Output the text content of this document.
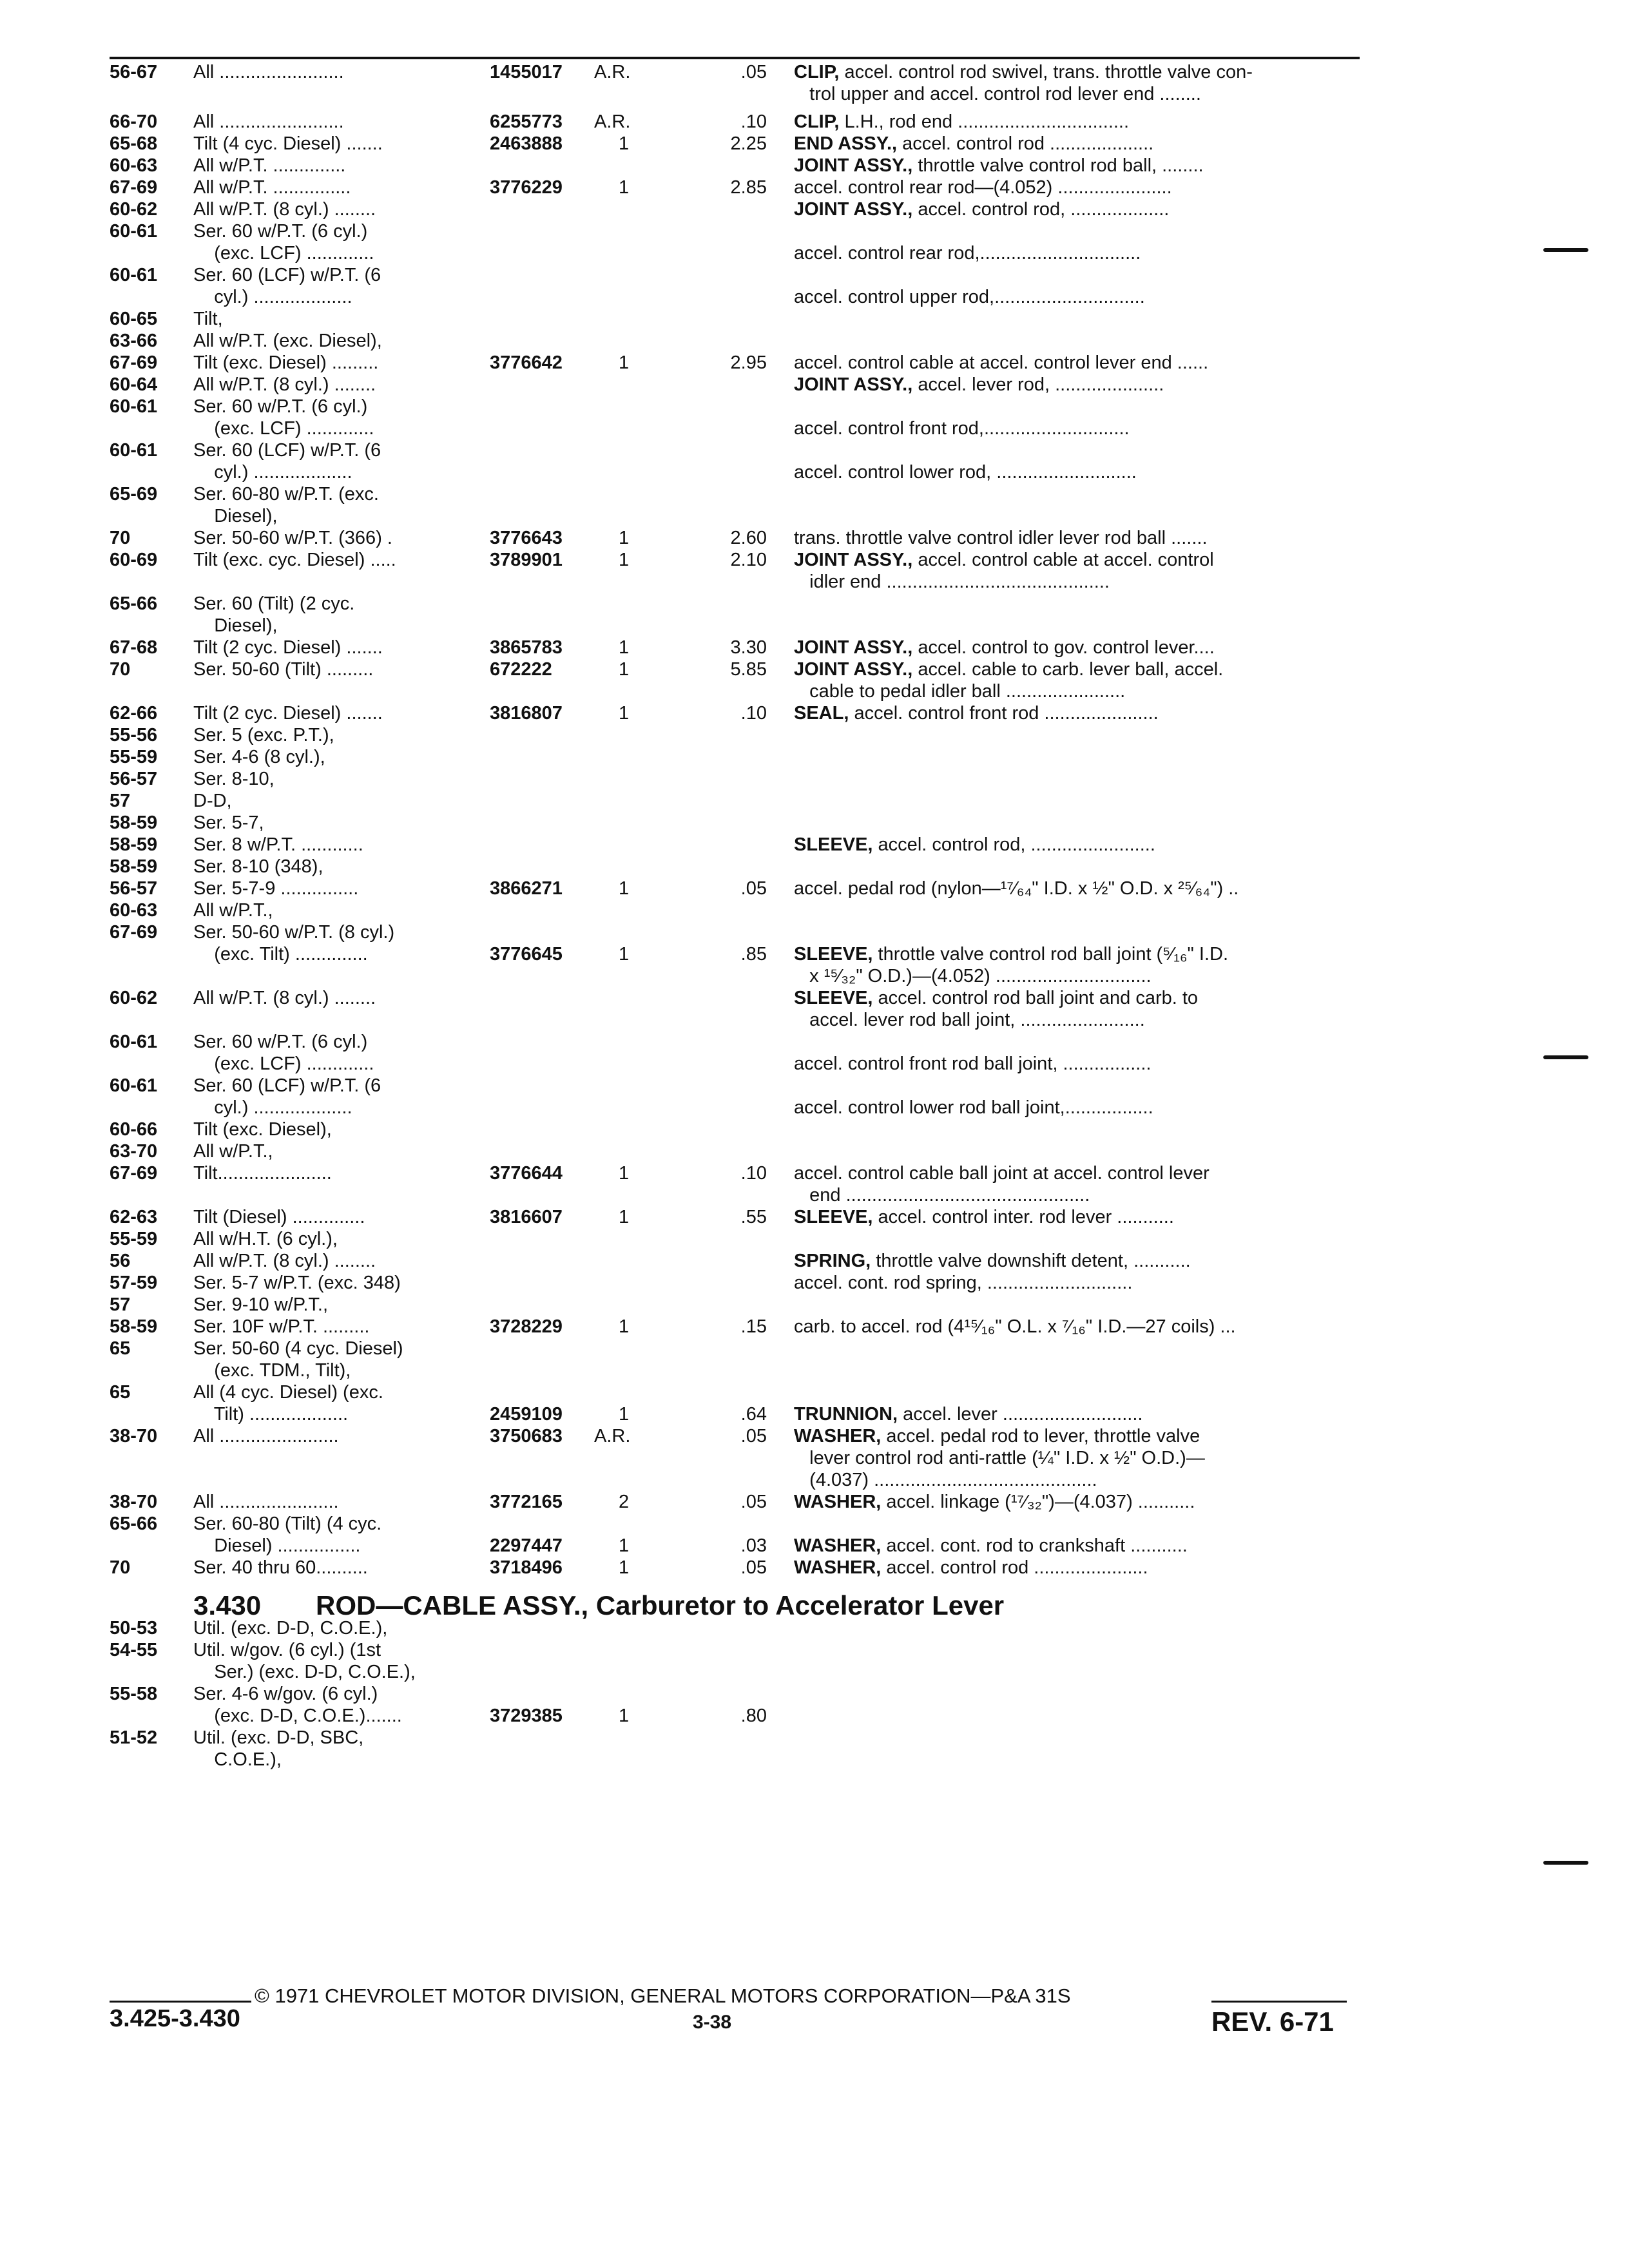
56-67 All ........................	1455017 A.R.	.05 CLIP, accel. control rod swivel, trans. throttle valve con-
trol upper and accel. control rod lever end ........
66-70 All ........................	6255773 A.R.	.10 CLIP, L.H., rod end .................................
65-68 Tilt (4 cyc. Diesel) .......	2463888	1	2.25 END ASSY., accel. control rod ....................
60-63 All w/P.T. ..............	JOINT ASSY., throttle valve control rod ball, ........
67-69 All w/P.T. ...............	3776229	1	2.85 accel. control rear rod—(4.052) ......................
60-62 All w/P.T. (8 cyl.) ........	JOINT ASSY., accel. control rod, ...................
60-61 Ser. 60 w/P.T. (6 cyl.)
(exc. LCF) .............	accel. control rear rod,...............................
60-61 Ser. 60 (LCF) w/P.T. (6
cyl.) ...................	accel. control upper rod,.............................
60-65 Tilt,
63-66 All w/P.T. (exc. Diesel),
67-69 Tilt (exc. Diesel) .........	3776642	1	2.95 accel. control cable at accel. control lever end ......
60-64 All w/P.T. (8 cyl.) ........	JOINT ASSY., accel. lever rod, .....................
60-61 Ser. 60 w/P.T. (6 cyl.)
(exc. LCF) .............	accel. control front rod,............................
60-61 Ser. 60 (LCF) w/P.T. (6
cyl.) ...................	accel. control lower rod, ...........................
65-69 Ser. 60-80 w/P.T. (exc.
Diesel),
70	Ser. 50-60 w/P.T. (366) .	3776643	1	2.60 trans. throttle valve control idler lever rod ball .......
60-69 Tilt (exc. cyc. Diesel) .....	3789901	1	2.10 JOINT ASSY., accel. control cable at accel. control
idler end ...........................................
65-66 Ser. 60 (Tilt) (2 cyc.
Diesel),
67-68 Tilt (2 cyc. Diesel) .......	3865783	1	3.30 JOINT ASSY., accel. control to gov. control lever....
70	Ser. 50-60 (Tilt) .........	672222	1	5.85 JOINT ASSY., accel. cable to carb. lever ball, accel.
cable to pedal idler ball .......................
62-66 Tilt (2 cyc. Diesel) .......	3816807	1	.10 SEAL, accel. control front rod ......................
55-56 Ser. 5 (exc. P.T.),
55-59 Ser. 4-6 (8 cyl.),
56-57 Ser. 8-10,
57	D-D,
58-59 Ser. 5-7,
58-59 Ser. 8 w/P.T. ............	SLEEVE, accel. control rod, ........................
58-59 Ser. 8-10 (348),
56-57 Ser. 5-7-9 ...............	3866271	1	.05 accel. pedal rod (nylon—¹⁷⁄₆₄" I.D. x ½" O.D. x ²⁵⁄₆₄") ..
60-63 All w/P.T.,
67-69 Ser. 50-60 w/P.T. (8 cyl.)
(exc. Tilt) ..............	3776645	1	.85 SLEEVE, throttle valve control rod ball joint (⁵⁄₁₆" I.D.
x ¹⁵⁄₃₂" O.D.)—(4.052) ..............................
60-62 All w/P.T. (8 cyl.) ........	SLEEVE, accel. control rod ball joint and carb. to
accel. lever rod ball joint, ........................
60-61 Ser. 60 w/P.T. (6 cyl.)
(exc. LCF) .............	accel. control front rod ball joint, .................
60-61 Ser. 60 (LCF) w/P.T. (6
cyl.) ...................	accel. control lower rod ball joint,.................
60-66 Tilt (exc. Diesel),
63-70 All w/P.T.,
67-69 Tilt......................	3776644	1	.10 accel. control cable ball joint at accel. control lever
end ...............................................
62-63 Tilt (Diesel) ..............	3816607	1	.55 SLEEVE, accel. control inter. rod lever ...........
55-59 All w/H.T. (6 cyl.),
56	All w/P.T. (8 cyl.) ........	SPRING, throttle valve downshift detent, ...........
57-59 Ser. 5-7 w/P.T. (exc. 348)	accel. cont. rod spring, ............................
57	Ser. 9-10 w/P.T.,
58-59 Ser. 10F w/P.T. .........	3728229	1	.15 carb. to accel. rod (4¹⁵⁄₁₆" O.L. x ⁷⁄₁₆" I.D.—27 coils) ...
65	Ser. 50-60 (4 cyc. Diesel)
(exc. TDM., Tilt),
65	All (4 cyc. Diesel) (exc.
Tilt) ...................	2459109	1	.64 TRUNNION, accel. lever ...........................
38-70 All .......................	3750683 A.R.	.05 WASHER, accel. pedal rod to lever, throttle valve
lever control rod anti-rattle (¼" I.D. x ½" O.D.)—
(4.037) ...........................................
38-70 All .......................	3772165	2	.05 WASHER, accel. linkage (¹⁷⁄₃₂")—(4.037) ...........
65-66 Ser. 60-80 (Tilt) (4 cyc.
Diesel) ................	2297447	1	.03 WASHER, accel. cont. rod to crankshaft ...........
70	Ser. 40 thru 60..........	3718496	1	.05 WASHER, accel. control rod ......................
3.430 ROD—CABLE ASSY., Carburetor to Accelerator Lever
50-53 Util. (exc. D-D, C.O.E.),
54-55 Util. w/gov. (6 cyl.) (1st
Ser.) (exc. D-D, C.O.E.),
55-58 Ser. 4-6 w/gov. (6 cyl.)
(exc. D-D, C.O.E.).......	3729385	1	.80
51-52 Util. (exc. D-D, SBC,
C.O.E.),
© 1971 CHEVROLET MOTOR DIVISION, GENERAL MOTORS CORPORATION—P&A 31S
3.425-3.430	3-38	REV. 6-71
